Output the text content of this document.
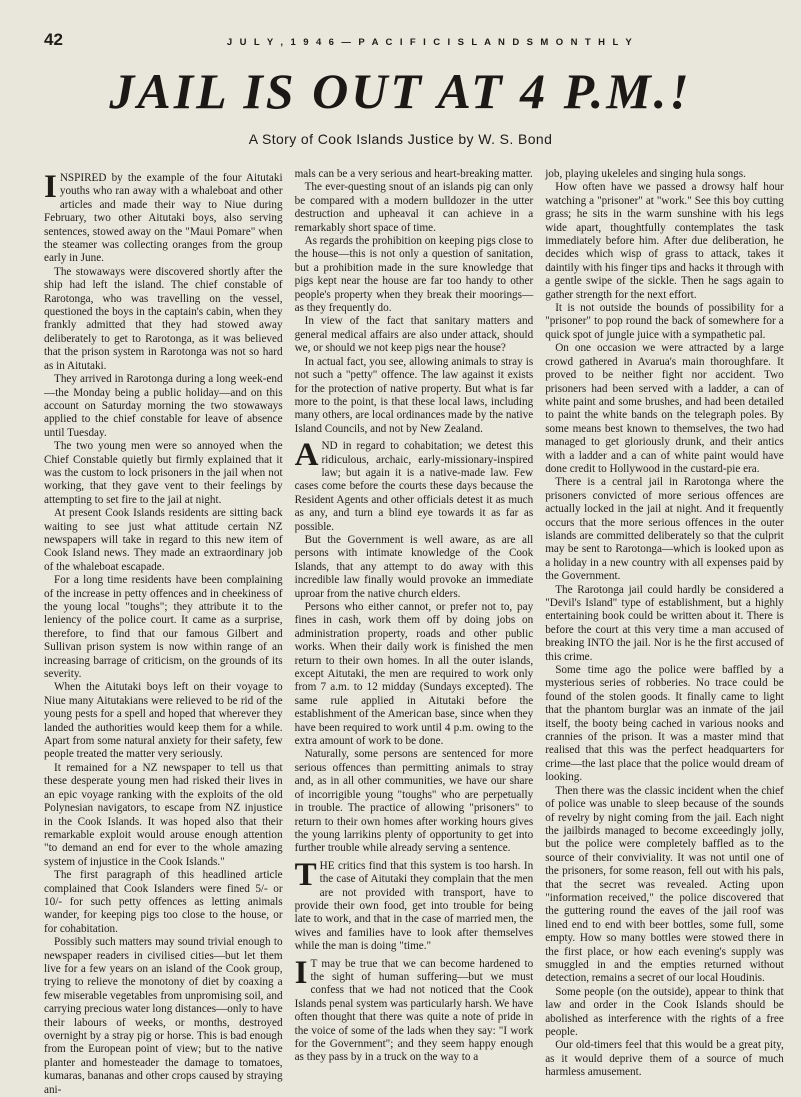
42	J U L Y , 1 9 4 6 — P A C I F I C I S L A N D S M O N T H L Y
JAIL IS OUT AT 4 P.M.!
A Story of Cook Islands Justice by W. S. Bond

INSPIRED by the example of the four Aitutaki youths who ran away with a whaleboat and other articles and made their way to Niue during February, two other Aitutaki boys, also serving sentences, stowed away on the "Maui Pomare" when the steamer was collecting oranges from the group early in June.

The stowaways were discovered shortly after the ship had left the island. The chief constable of Rarotonga, who was travelling on the vessel, questioned the boys in the captain's cabin, when they frankly admitted that they had stowed away deliberately to get to Rarotonga, as it was believed that the prison system in Rarotonga was not so hard as in Aitutaki.

They arrived in Rarotonga during a long week-end—the Monday being a public holiday—and on this account on Saturday morning the two stowaways applied to the chief constable for leave of absence until Tuesday.

The two young men were so annoyed when the Chief Constable quietly but firmly explained that it was the custom to lock prisoners in the jail when not working, that they gave vent to their feelings by attempting to set fire to the jail at night.

At present Cook Islands residents are sitting back waiting to see just what attitude certain NZ newspapers will take in regard to this new item of Cook Island news. They made an extraordinary job of the whaleboat escapade.

For a long time residents have been complaining of the increase in petty offences and in cheekiness of the young local "toughs"; they attribute it to the leniency of the police court. It came as a surprise, therefore, to find that our famous Gilbert and Sullivan prison system is now within range of an increasing barrage of criticism, on the grounds of its severity.

When the Aitutaki boys left on their voyage to Niue many Aitutakians were relieved to be rid of the young pests for a spell and hoped that wherever they landed the authorities would keep them for a while. Apart from some natural anxiety for their safety, few people treated the matter very seriously.

It remained for a NZ newspaper to tell us that these desperate young men had risked their lives in an epic voyage ranking with the exploits of the old Polynesian navigators, to escape from NZ injustice in the Cook Islands. It was hoped also that their remarkable exploit would arouse enough attention "to demand an end for ever to the whole amazing system of injustice in the Cook Islands."

The first paragraph of this headlined article complained that Cook Islanders were fined 5/- or 10/- for such petty offences as letting animals wander, for keeping pigs too close to the house, or for cohabitation.

Possibly such matters may sound trivial enough to newspaper readers in civilised cities—but let them live for a few years on an island of the Cook group, trying to relieve the monotony of diet by coaxing a few miserable vegetables from unpromising soil, and carrying precious water long distances—only to have their labours of weeks, or months, destroyed overnight by a stray pig or horse. This is bad enough from the European point of view; but to the native planter and homesteader the damage to tomatoes, kumaras, bananas and other crops caused by straying ani-

mals can be a very serious and heart-breaking matter.

The ever-questing snout of an islands pig can only be compared with a modern bulldozer in the utter destruction and upheaval it can achieve in a remarkably short space of time.

As regards the prohibition on keeping pigs close to the house—this is not only a question of sanitation, but a prohibition made in the sure knowledge that pigs kept near the house are far too handy to other people's property when they break their moorings—as they frequently do.

In view of the fact that sanitary matters and general medical affairs are also under attack, should we, or should we not keep pigs near the house?

In actual fact, you see, allowing animals to stray is not such a "petty" offence. The law against it exists for the protection of native property. But what is far more to the point, is that these local laws, including many others, are local ordinances made by the native Island Councils, and not by New Zealand.

AND in regard to cohabitation; we detest this ridiculous, archaic, early-missionary-inspired law; but again it is a native-made law. Few cases come before the courts these days because the Resident Agents and other officials detest it as much as any, and turn a blind eye towards it as far as possible.

But the Government is well aware, as are all persons with intimate knowledge of the Cook Islands, that any attempt to do away with this incredible law finally would provoke an immediate uproar from the native church elders.

Persons who either cannot, or prefer not to, pay fines in cash, work them off by doing jobs on administration property, roads and other public works. When their daily work is finished the men return to their own homes. In all the outer islands, except Aitutaki, the men are required to work only from 7 a.m. to 12 midday (Sundays excepted). The same rule applied in Aitutaki before the establishment of the American base, since when they have been required to work until 4 p.m. owing to the extra amount of work to be done.

Naturally, some persons are sentenced for more serious offences than permitting animals to stray and, as in all other communities, we have our share of incorrigible young "toughs" who are perpetually in trouble. The practice of allowing "prisoners" to return to their own homes after working hours gives the young larrikins plenty of opportunity to get into further trouble while already serving a sentence.

THE critics find that this system is too harsh. In the case of Aitutaki they complain that the men are not provided with transport, have to provide their own food, get into trouble for being late to work, and that in the case of married men, the wives and families have to look after themselves while the man is doing "time."

I T may be true that we can become hardened to the sight of human suffering—but we must confess that we had not noticed that the Cook Islands penal system was particularly harsh. We have often thought that there was quite a note of pride in the voice of some of the lads when they say: "I work for the Government"; and they seem happy enough as they pass by in a truck on the way to a

job, playing ukeleles and singing hula songs.

How often have we passed a drowsy half hour watching a "prisoner" at "work." See this boy cutting grass; he sits in the warm sunshine with his legs wide apart, thoughtfully contemplates the task immediately before him. After due deliberation, he decides which wisp of grass to attack, takes it daintily with his finger tips and hacks it through with a gentle swipe of the sickle. Then he sags again to gather strength for the next effort.

It is not outside the bounds of possibility for a "prisoner" to pop round the back of somewhere for a quick spot of jungle juice with a sympathetic pal.

On one occasion we were attracted by a large crowd gathered in Avarua's main thoroughfare. It proved to be neither fight nor accident. Two prisoners had been served with a ladder, a can of white paint and some brushes, and had been detailed to paint the white bands on the telegraph poles. By some means best known to themselves, the two had managed to get gloriously drunk, and their antics with a ladder and a can of white paint would have done credit to Hollywood in the custard-pie era.

There is a central jail in Rarotonga where the prisoners convicted of more serious offences are actually locked in the jail at night. And it frequently occurs that the more serious offences in the outer islands are committed deliberately so that the culprit may be sent to Rarotonga—which is looked upon as a holiday in a new country with all expenses paid by the Government.

The Rarotonga jail could hardly be considered a "Devil's Island" type of establishment, but a highly entertaining book could be written about it. There is before the court at this very time a man accused of breaking INTO the jail. Nor is he the first accused of this crime.

Some time ago the police were baffled by a mysterious series of robberies. No trace could be found of the stolen goods. It finally came to light that the phantom burglar was an inmate of the jail itself, the booty being cached in various nooks and crannies of the prison. It was a master mind that realised that this was the perfect headquarters for crime—the last place that the police would dream of looking.

Then there was the classic incident when the chief of police was unable to sleep because of the sounds of revelry by night coming from the jail. Each night the jailbirds managed to become exceedingly jolly, but the police were completely baffled as to the source of their conviviality. It was not until one of the prisoners, for some reason, fell out with his pals, that the secret was revealed. Acting upon "information received," the police discovered that the guttering round the eaves of the jail roof was lined end to end with beer bottles, some full, some empty. How so many bottles were stowed there in the first place, or how each evening's supply was smuggled in and the empties returned without detection, remains a secret of our local Houdinis.

Some people (on the outside), appear to think that law and order in the Cook Islands should be abolished as interference with the rights of a free people.

Our old-timers feel that this would be a great pity, as it would deprive them of a source of much harmless amusement.
